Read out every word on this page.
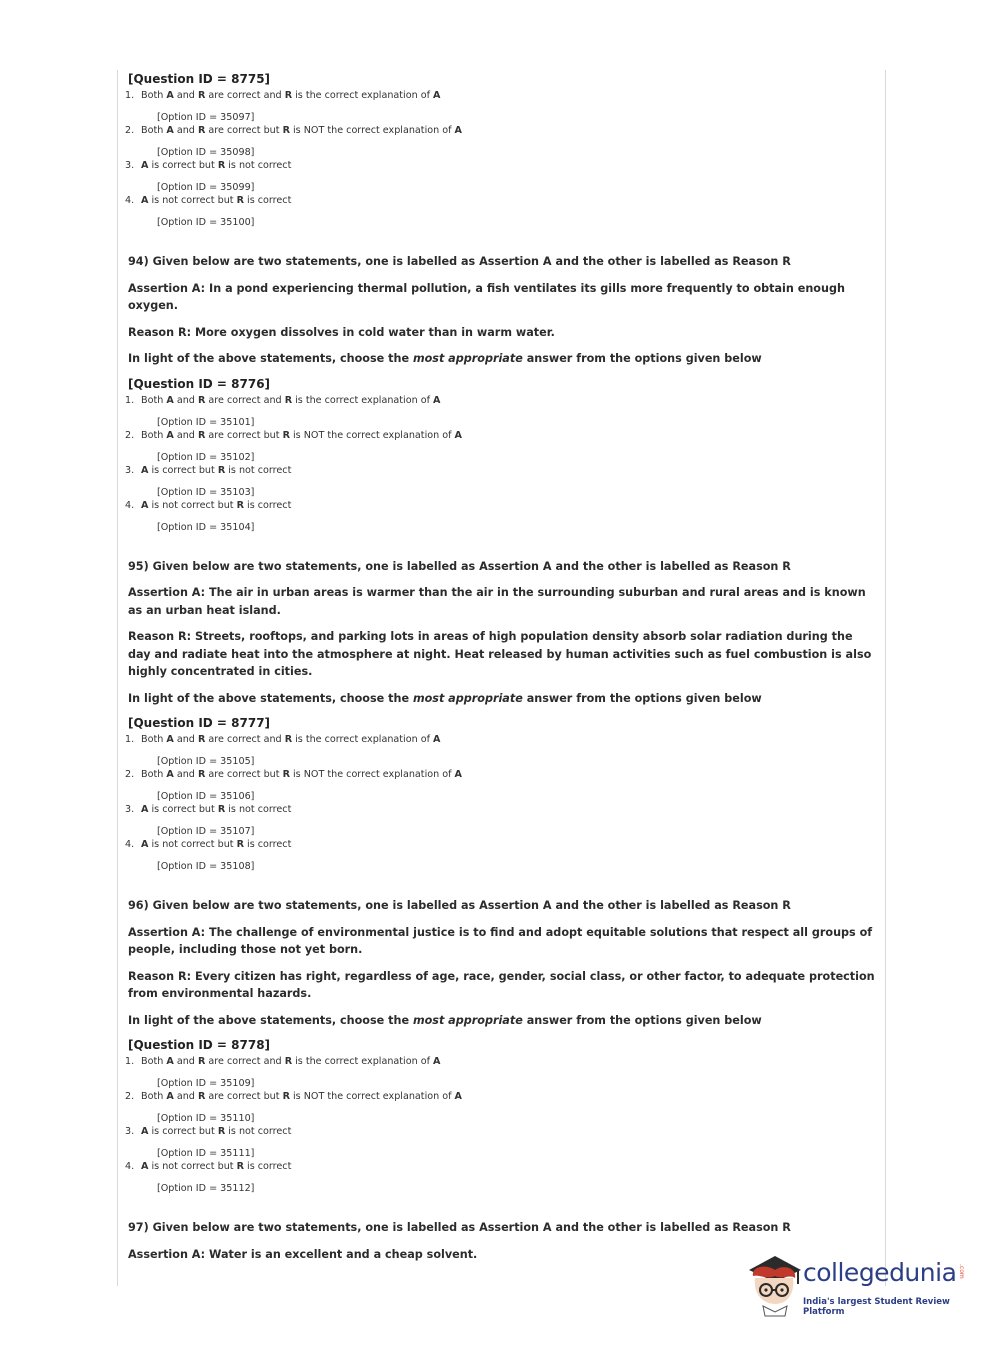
[Question ID = 8775]
1. Both A and R are correct and R is the correct explanation of A
[Option ID = 35097]
2. Both A and R are correct but R is NOT the correct explanation of A
[Option ID = 35098]
3. A is correct but R is not correct
[Option ID = 35099]
4. A is not correct but R is correct
[Option ID = 35100]
94) Given below are two statements, one is labelled as Assertion A and the other is labelled as Reason R
Assertion A: In a pond experiencing thermal pollution, a fish ventilates its gills more frequently to obtain enough oxygen.
Reason R: More oxygen dissolves in cold water than in warm water.
In light of the above statements, choose the most appropriate answer from the options given below
[Question ID = 8776]
1. Both A and R are correct and R is the correct explanation of A
[Option ID = 35101]
2. Both A and R are correct but R is NOT the correct explanation of A
[Option ID = 35102]
3. A is correct but R is not correct
[Option ID = 35103]
4. A is not correct but R is correct
[Option ID = 35104]
95) Given below are two statements, one is labelled as Assertion A and the other is labelled as Reason R
Assertion A: The air in urban areas is warmer than the air in the surrounding suburban and rural areas and is known as an urban heat island.
Reason R: Streets, rooftops, and parking lots in areas of high population density absorb solar radiation during the day and radiate heat into the atmosphere at night. Heat released by human activities such as fuel combustion is also highly concentrated in cities.
In light of the above statements, choose the most appropriate answer from the options given below
[Question ID = 8777]
1. Both A and R are correct and R is the correct explanation of A
[Option ID = 35105]
2. Both A and R are correct but R is NOT the correct explanation of A
[Option ID = 35106]
3. A is correct but R is not correct
[Option ID = 35107]
4. A is not correct but R is correct
[Option ID = 35108]
96) Given below are two statements, one is labelled as Assertion A and the other is labelled as Reason R
Assertion A: The challenge of environmental justice is to find and adopt equitable solutions that respect all groups of people, including those not yet born.
Reason R: Every citizen has right, regardless of age, race, gender, social class, or other factor, to adequate protection from environmental hazards.
In light of the above statements, choose the most appropriate answer from the options given below
[Question ID = 8778]
1. Both A and R are correct and R is the correct explanation of A
[Option ID = 35109]
2. Both A and R are correct but R is NOT the correct explanation of A
[Option ID = 35110]
3. A is correct but R is not correct
[Option ID = 35111]
4. A is not correct but R is correct
[Option ID = 35112]
97) Given below are two statements, one is labelled as Assertion A and the other is labelled as Reason R
Assertion A: Water is an excellent and a cheap solvent.
collegedunia .com
India's largest Student Review Platform
